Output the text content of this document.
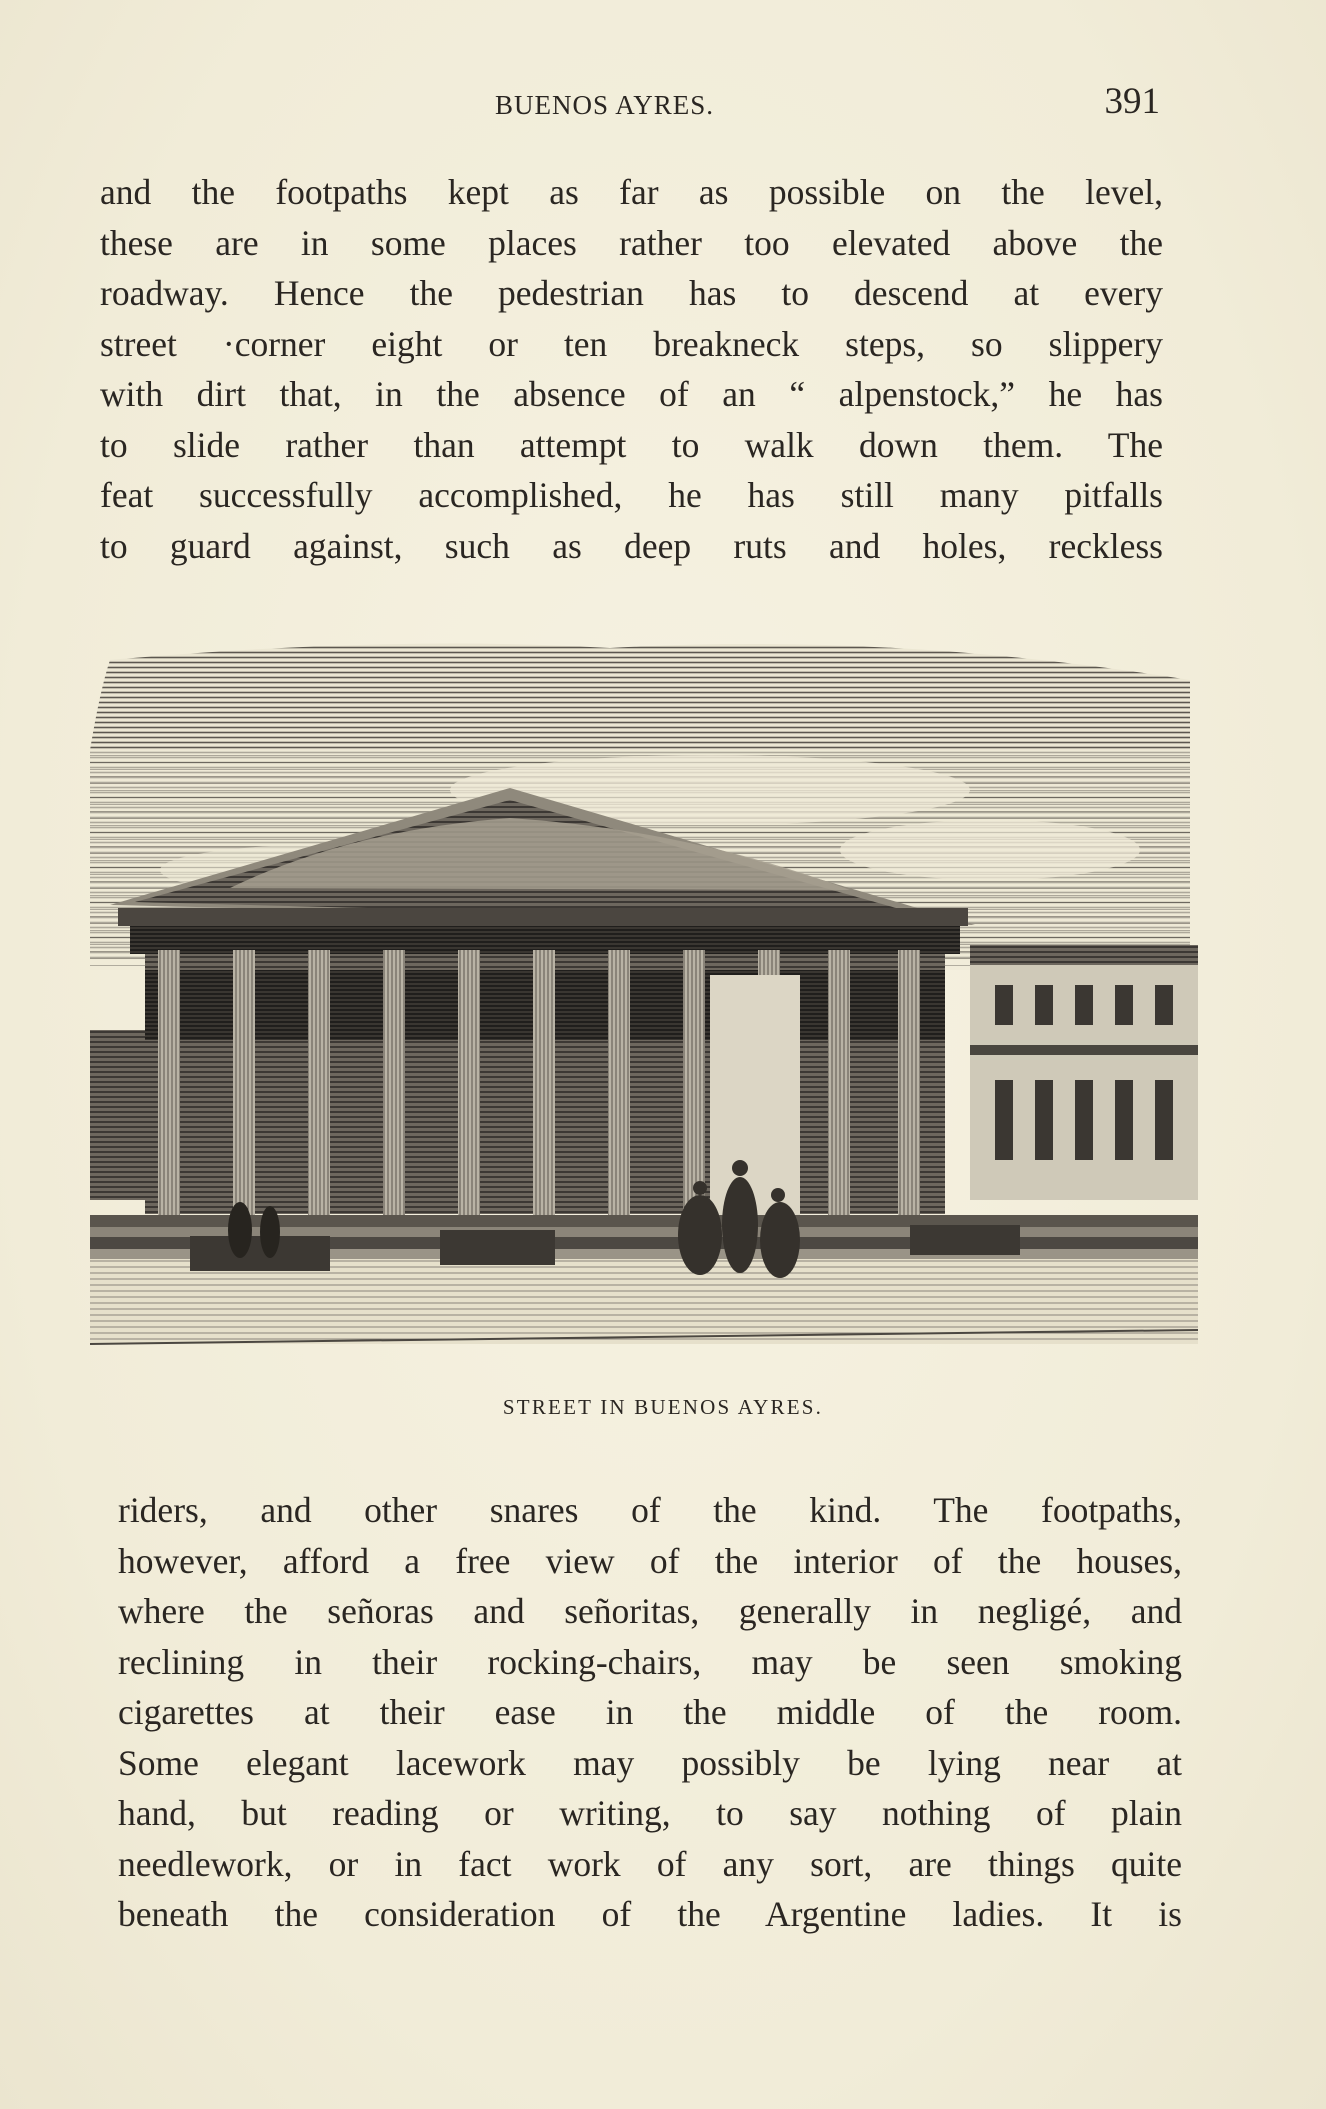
BUENOS AYRES.	391
and the footpaths kept as far as possible on the level,
these are in some places rather too elevated above the
roadway. Hence the pedestrian has to descend at every
street ·corner eight or ten breakneck steps, so slippery
with dirt that, in the absence of an “ alpenstock,” he has
to slide rather than attempt to walk down them. The
feat successfully accomplished, he has still many pitfalls
to guard against, such as deep ruts and holes, reckless
STREET IN BUENOS AYRES.
riders, and other snares of the kind. The footpaths,
however, afford a free view of the interior of the houses,
where the señoras and señoritas, generally in negligé, and
reclining in their rocking-chairs, may be seen smoking
cigarettes at their ease in the middle of the room.
Some elegant lacework may possibly be lying near at
hand, but reading or writing, to say nothing of plain
needlework, or in fact work of any sort, are things quite
beneath the consideration of the Argentine ladies. It is
